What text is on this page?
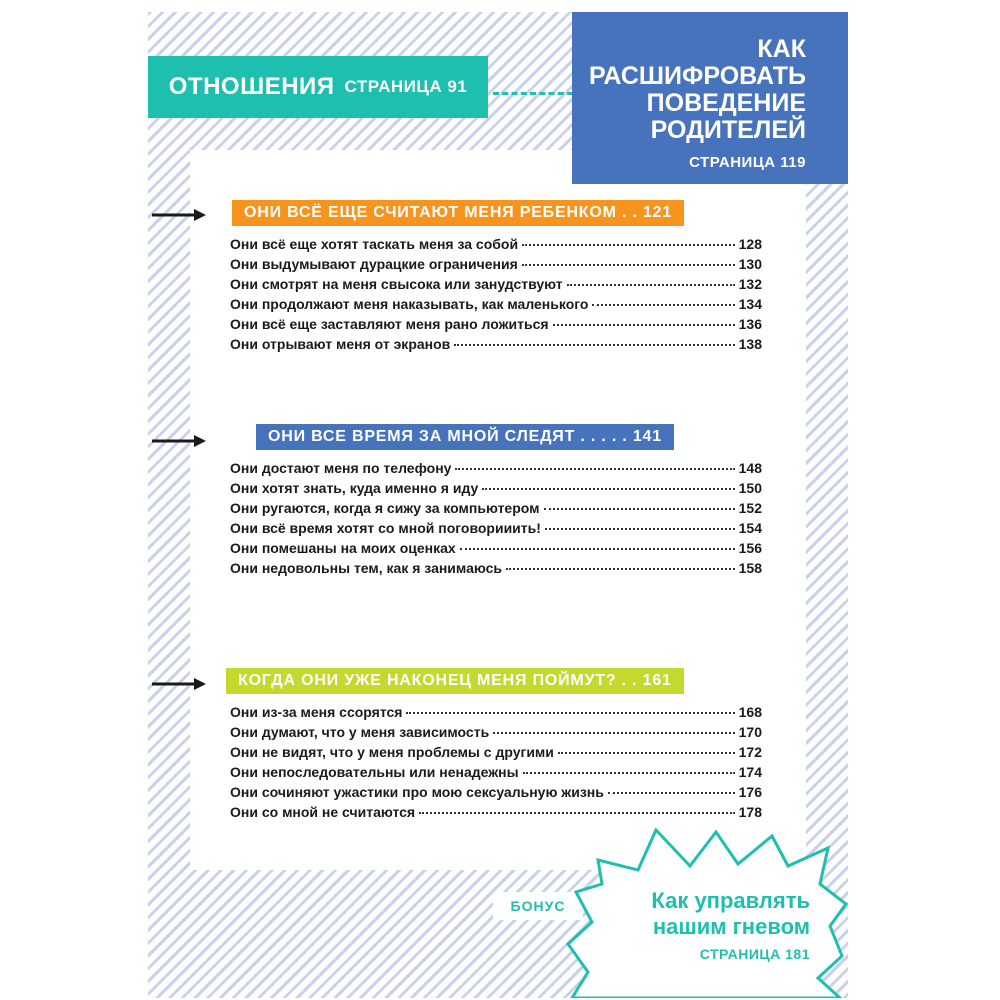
ОТНОШЕНИЯ СТРАНИЦА 91
КАК
РАСШИФРОВАТЬ
ПОВЕДЕНИЕ
РОДИТЕЛЕЙ
СТРАНИЦА 119
ОНИ ВСЁ ЕЩЕ СЧИТАЮТ МЕНЯ РЕБЕНКОМ . . 121
Они всё еще хотят таскать меня за собой	128
Они выдумывают дурацкие ограничения	130
Они смотрят на меня свысока или занудствуют	132
Они продолжают меня наказывать, как маленького	134
Они всё еще заставляют меня рано ложиться	136
Они отрывают меня от экранов	138
ОНИ ВСЕ ВРЕМЯ ЗА МНОЙ СЛЕДЯТ . . . . . 141
Они достают меня по телефону	148
Они хотят знать, куда именно я иду	150
Они ругаются, когда я сижу за компьютером	152
Они всё время хотят со мной поговорииить!	154
Они помешаны на моих оценках	156
Они недовольны тем, как я занимаюсь	158
КОГДА ОНИ УЖЕ НАКОНЕЦ МЕНЯ ПОЙМУТ? . . 161
Они из-за меня ссорятся	168
Они думают, что у меня зависимость	170
Они не видят, что у меня проблемы с другими	172
Они непоследовательны или ненадежны	174
Они сочиняют ужастики про мою сексуальную жизнь	176
Они со мной не считаются	178
БОНУС	Как управлять
нашим гневом
СТРАНИЦА 181
